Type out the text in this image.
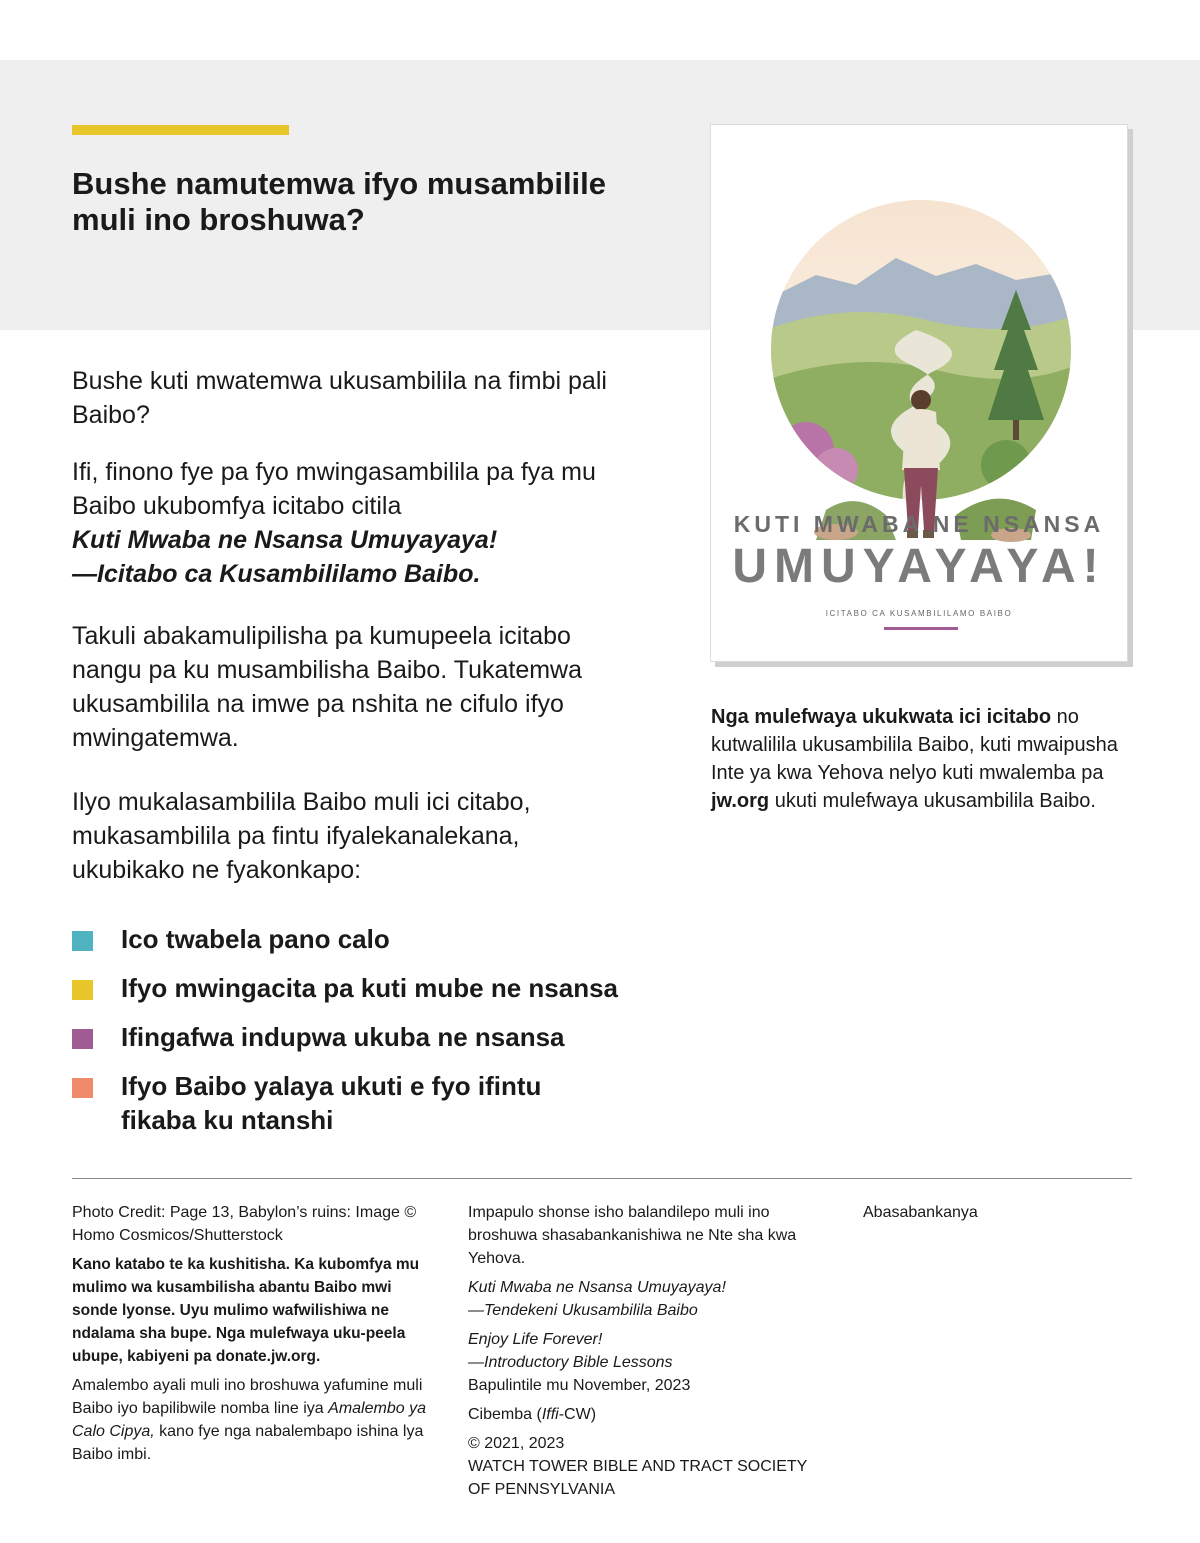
Bushe namutemwa ifyo musambilile muli ino broshuwa?
KUTI MWABA NE NSANSA
UMUYAYAYA!
ICITABO CA KUSAMBILILAMO BAIBO

Bushe kuti mwatemwa ukusambilila na fimbi pali Baibo?

Ifi, finono fye pa fyo mwingasambilila pa fya mu Baibo ukubomfya icitabo citila
Kuti Mwaba ne Nsansa Umuyayaya!
—Icitabo ca Kusambililamo Baibo.

Takuli abakamulipilisha pa kumupeela icitabo nangu pa ku musambilisha Baibo. Tukatemwa ukusambilila na imwe pa nshita ne cifulo ifyo mwingatemwa.

Ilyo mukalasambilila Baibo muli ici citabo, mukasambilila pa fintu ifyalekanalekana, ukubikako ne fyakonkapo:

Ico twabela pano calo
Ifyo mwingacita pa kuti mube ne nsansa
Ifingafwa indupwa ukuba ne nsansa
Ifyo Baibo yalaya ukuti e fyo ifintu fikaba ku ntanshi

Nga mulefwaya ukukwata ici icitabo no kutwalilila ukusambilila Baibo, kuti mwaipusha Inte ya kwa Yehova nelyo kuti mwalemba pa jw.org ukuti mulefwaya ukusambilila Baibo.

Photo Credit: Page 13, Babylon’s ruins: Image © Homo Cosmicos/Shutterstock

Kano katabo te ka kushitisha. Ka kubomfya mu mulimo wa kusambilisha abantu Baibo mwi sonde lyonse. Uyu mulimo wafwilishiwa ne ndalama sha bupe. Nga mulefwaya uku-peela ubupe, kabiyeni pa donate.jw.org.

Amalembo ayali muli ino broshuwa yafumine muli Baibo iyo bapilibwile nomba line iya Amalembo ya Calo Cipya, kano fye nga nabalembapo ishina lya Baibo imbi.

Impapulo shonse isho balandilepo muli ino broshuwa shasabankanishiwa ne Nte sha kwa Yehova.

Kuti Mwaba ne Nsansa Umuyayaya!
—Tendekeni Ukusambilila Baibo

Enjoy Life Forever!
—Introductory Bible Lessons

Bapulintile mu November, 2023

Cibemba (Iffi-CW)

© 2021, 2023
WATCH TOWER BIBLE AND TRACT SOCIETY
OF PENNSYLVANIA

Abasabankanya
